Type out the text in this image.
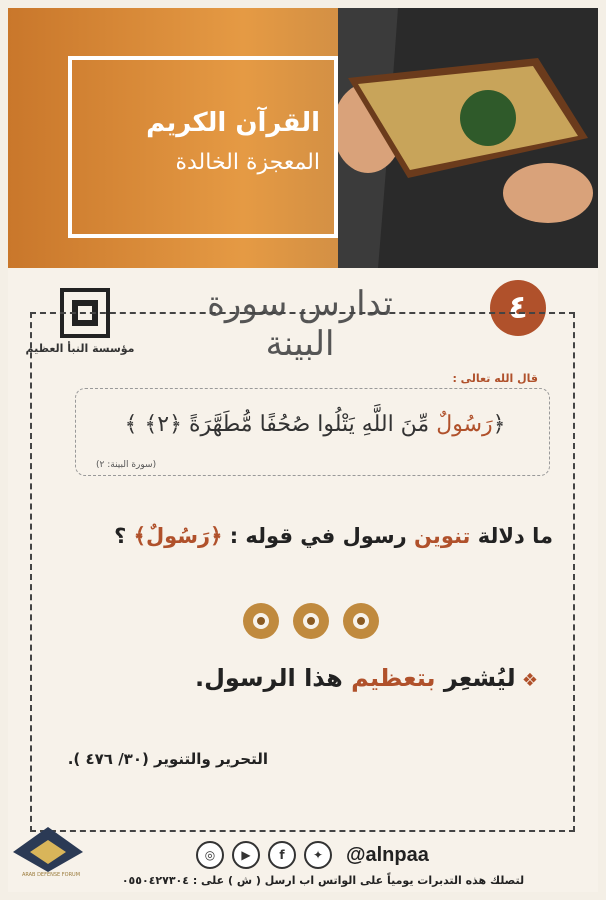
القرآن الكريم
المعجزة الخالدة
مؤسسة النبأ العظيم
تدارس سورة البينة
٤
قال الله تعالى :
﴿رَسُولٌ مِّنَ اللَّهِ يَتْلُوا صُحُفًا مُّطَهَّرَةً ﴿٢﴾ ﴾
(سورة البينة: ٢)
ما دلالة تنوين رسول في قوله : ﴿رَسُولٌ﴾ ؟
❖ ليُشعِر بتعظيم هذا الرسول.
التحرير والتنوير (٣٠/ ٤٧٦ ).
◎	▶	f	✦	@alnpaa
لتصلك هذه التدبرات يومياً على الواتس اب ارسل ( ش ) على : ٠٥٥٠٤٢٧٣٠٤
ARAB DEFENSE FORUM
